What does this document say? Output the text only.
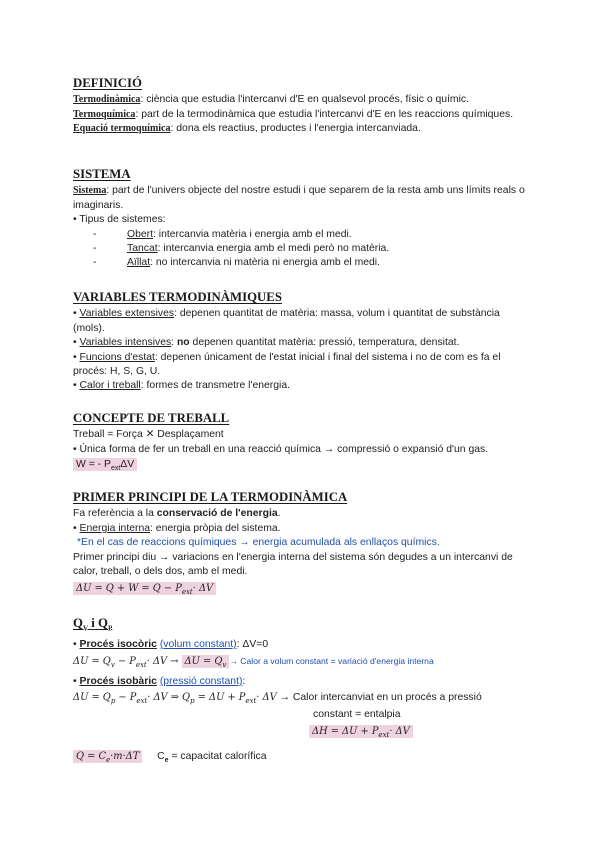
DEFINICIÓ
Termodinàmica: ciència que estudia l'intercanvi d'E en qualsevol procés, físic o químic.
Termoquímica: part de la termodinàmica que estudia l'intercanvi d'E en les reaccions químiques.
Equació termoquímica: dona els reactius, productes i l'energia intercanviada.
SISTEMA
Sistema: part de l'univers objecte del nostre estudi i que separem de la resta amb uns límits reals o imaginaris.
• Tipus de sistemes:
-	Obert: intercanvia matèria i energia amb el medi.
-	Tancat: intercanvia energia amb el medi però no matèria.
-	Aïllat: no intercanvia ni matèria ni energia amb el medi.
VARIABLES TERMODINÀMIQUES
• Variables extensives: depenen quantitat de matèria: massa, volum i quantitat de substància (mols).
• Variables intensives: no depenen quantitat matèria: pressió, temperatura, densitat.
• Funcions d'estat: depenen únicament de l'estat inicial i final del sistema i no de com es fa el procés: H, S, G, U.
• Calor i treball: formes de transmetre l'energia.
CONCEPTE DE TREBALL
Treball = Força ✕ Desplaçament
• Única forma de fer un treball en una reacció química → compressió o expansió d'un gas.
W = - $P_{ext}\Delta V$
PRIMER PRINCIPI DE LA TERMODINÀMICA
Fa referència a la conservació de l'energia.
• Energia interna: energia pròpia del sistema.
*En el cas de reaccions químiques → energia acumulada als enllaços químics.
Primer principi diu → variacions en l'energia interna del sistema són degudes a un intercanvi de calor, treball, o dels dos, amb el medi.
$\Delta U = Q + W = Q - P_{ext}\cdot \Delta V$
$Q_V$ i $Q_P$
• Procés isocòric (volum constant): ΔV=0
$\Delta U = Q_v - P_{ext}\cdot \Delta V \to \Delta U = Q_v$ → Calor a volum constant = variació d'energia interna
• Procés isobàric (pressió constant):
$\Delta U = Q_p - P_{ext}\cdot \Delta V$ ⇒ $Q_p = \Delta U + P_{ext}\cdot \Delta V$ → Calor intercanviat en un procés a pressió
constant = entalpia
$\Delta H = \Delta U + P_{ext}\cdot \Delta V$
$Q = C_e\cdot m\cdot\Delta T$ $C_e$ = capacitat calorífica
